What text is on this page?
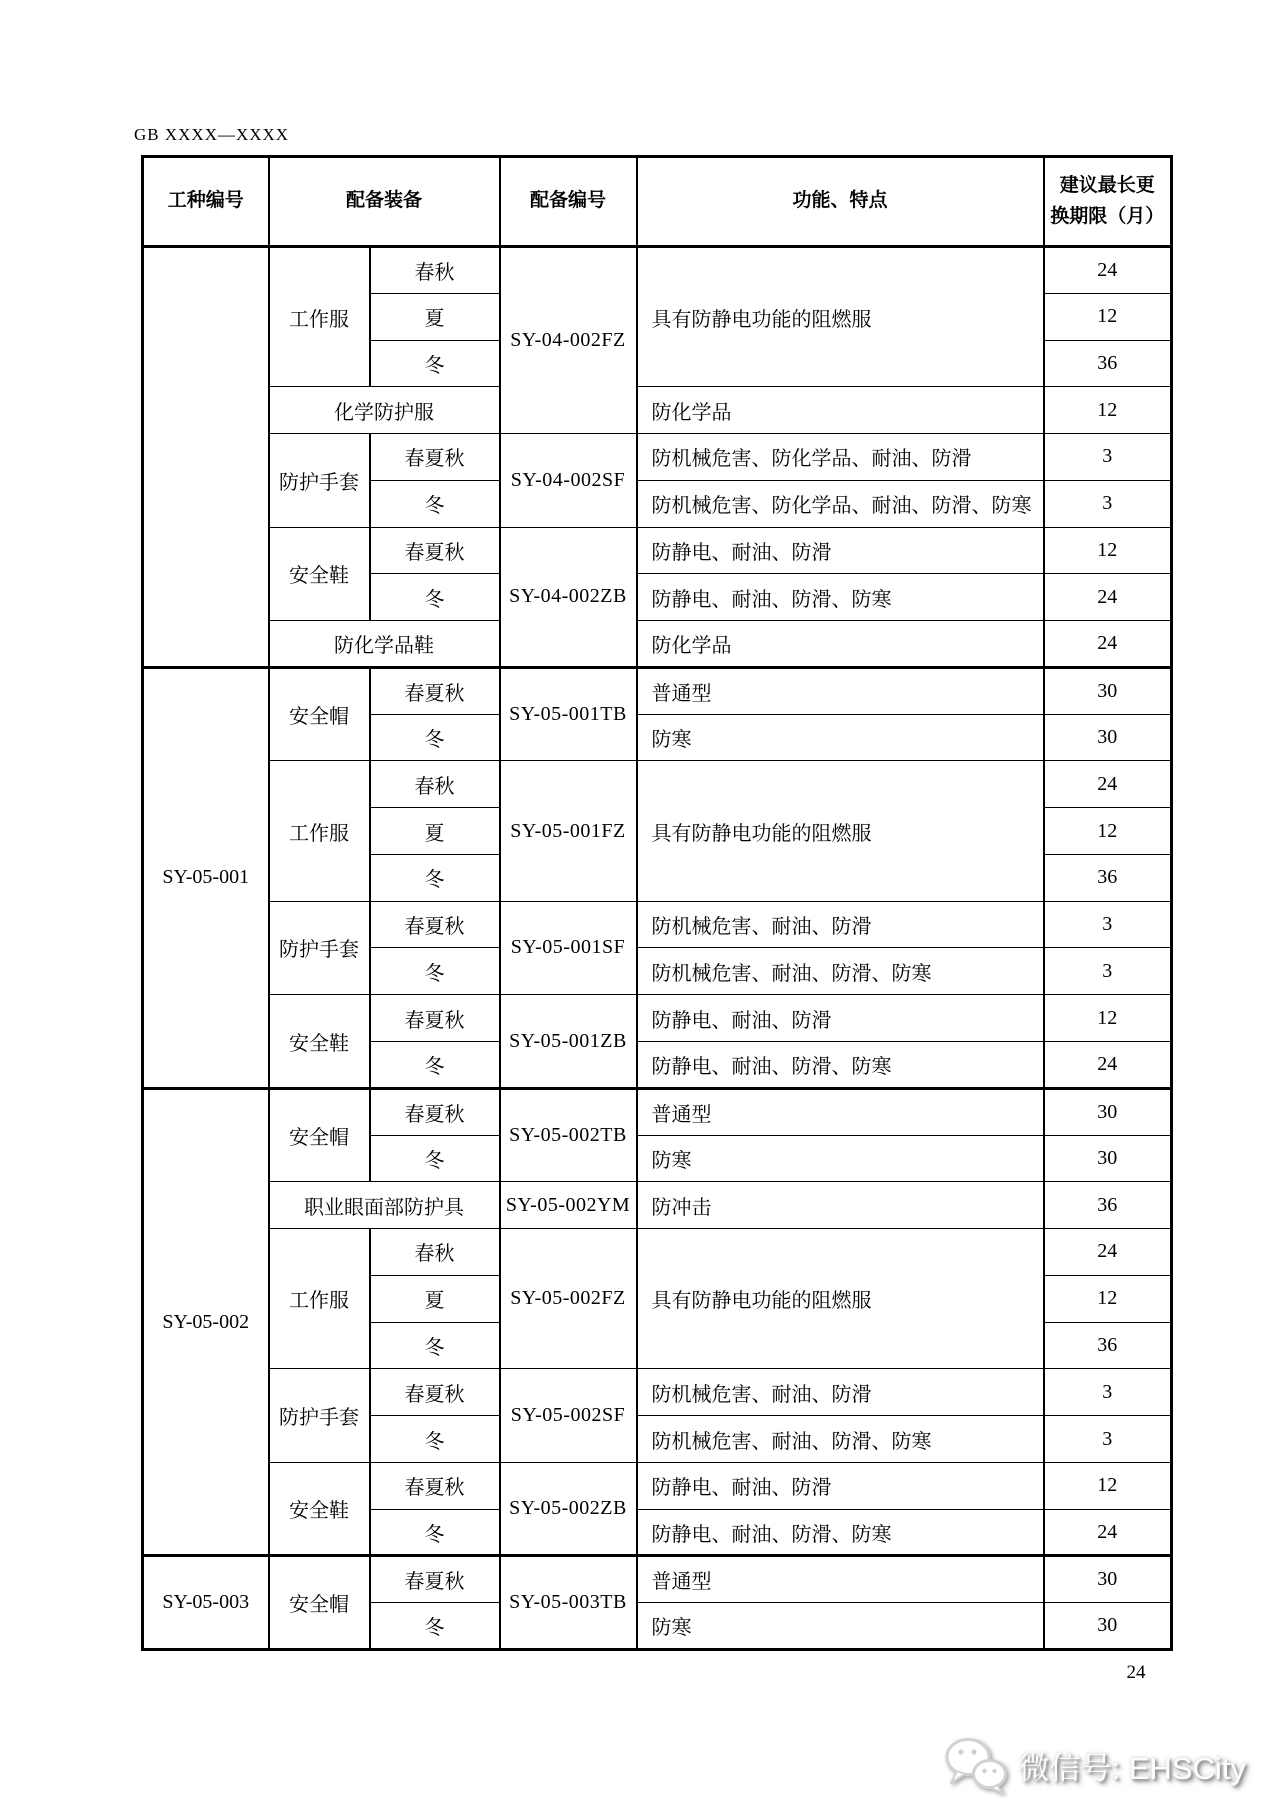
GB XXXX—XXXX
工种编号	配备装备		配备编号	功能、特点	建议最长更
换期限（月）
	工作服	春秋	SY-04-002FZ	具有防静电功能的阻燃服	24
		夏			12
		冬			36
	化学防护服			防化学品	12
	防护手套	春夏秋	SY-04-002SF	防机械危害、防化学品、耐油、防滑	3
		冬		防机械危害、防化学品、耐油、防滑、防寒	3
	安全鞋	春夏秋	SY-04-002ZB	防静电、耐油、防滑	12
		冬		防静电、耐油、防滑、防寒	24
	防化学品鞋			防化学品	24
SY-05-001	安全帽	春夏秋	SY-05-001TB	普通型	30
		冬		防寒	30
	工作服	春秋	SY-05-001FZ	具有防静电功能的阻燃服	24
		夏			12
		冬			36
	防护手套	春夏秋	SY-05-001SF	防机械危害、耐油、防滑	3
		冬		防机械危害、耐油、防滑、防寒	3
	安全鞋	春夏秋	SY-05-001ZB	防静电、耐油、防滑	12
		冬		防静电、耐油、防滑、防寒	24
SY-05-002	安全帽	春夏秋	SY-05-002TB	普通型	30
		冬		防寒	30
	职业眼面部防护具		SY-05-002YM	防冲击	36
	工作服	春秋	SY-05-002FZ	具有防静电功能的阻燃服	24
		夏			12
		冬			36
	防护手套	春夏秋	SY-05-002SF	防机械危害、耐油、防滑	3
		冬		防机械危害、耐油、防滑、防寒	3
	安全鞋	春夏秋	SY-05-002ZB	防静电、耐油、防滑	12
		冬		防静电、耐油、防滑、防寒	24
SY-05-003	安全帽	春夏秋	SY-05-003TB	普通型	30
		冬		防寒	30
24
微信号: EHSCity
